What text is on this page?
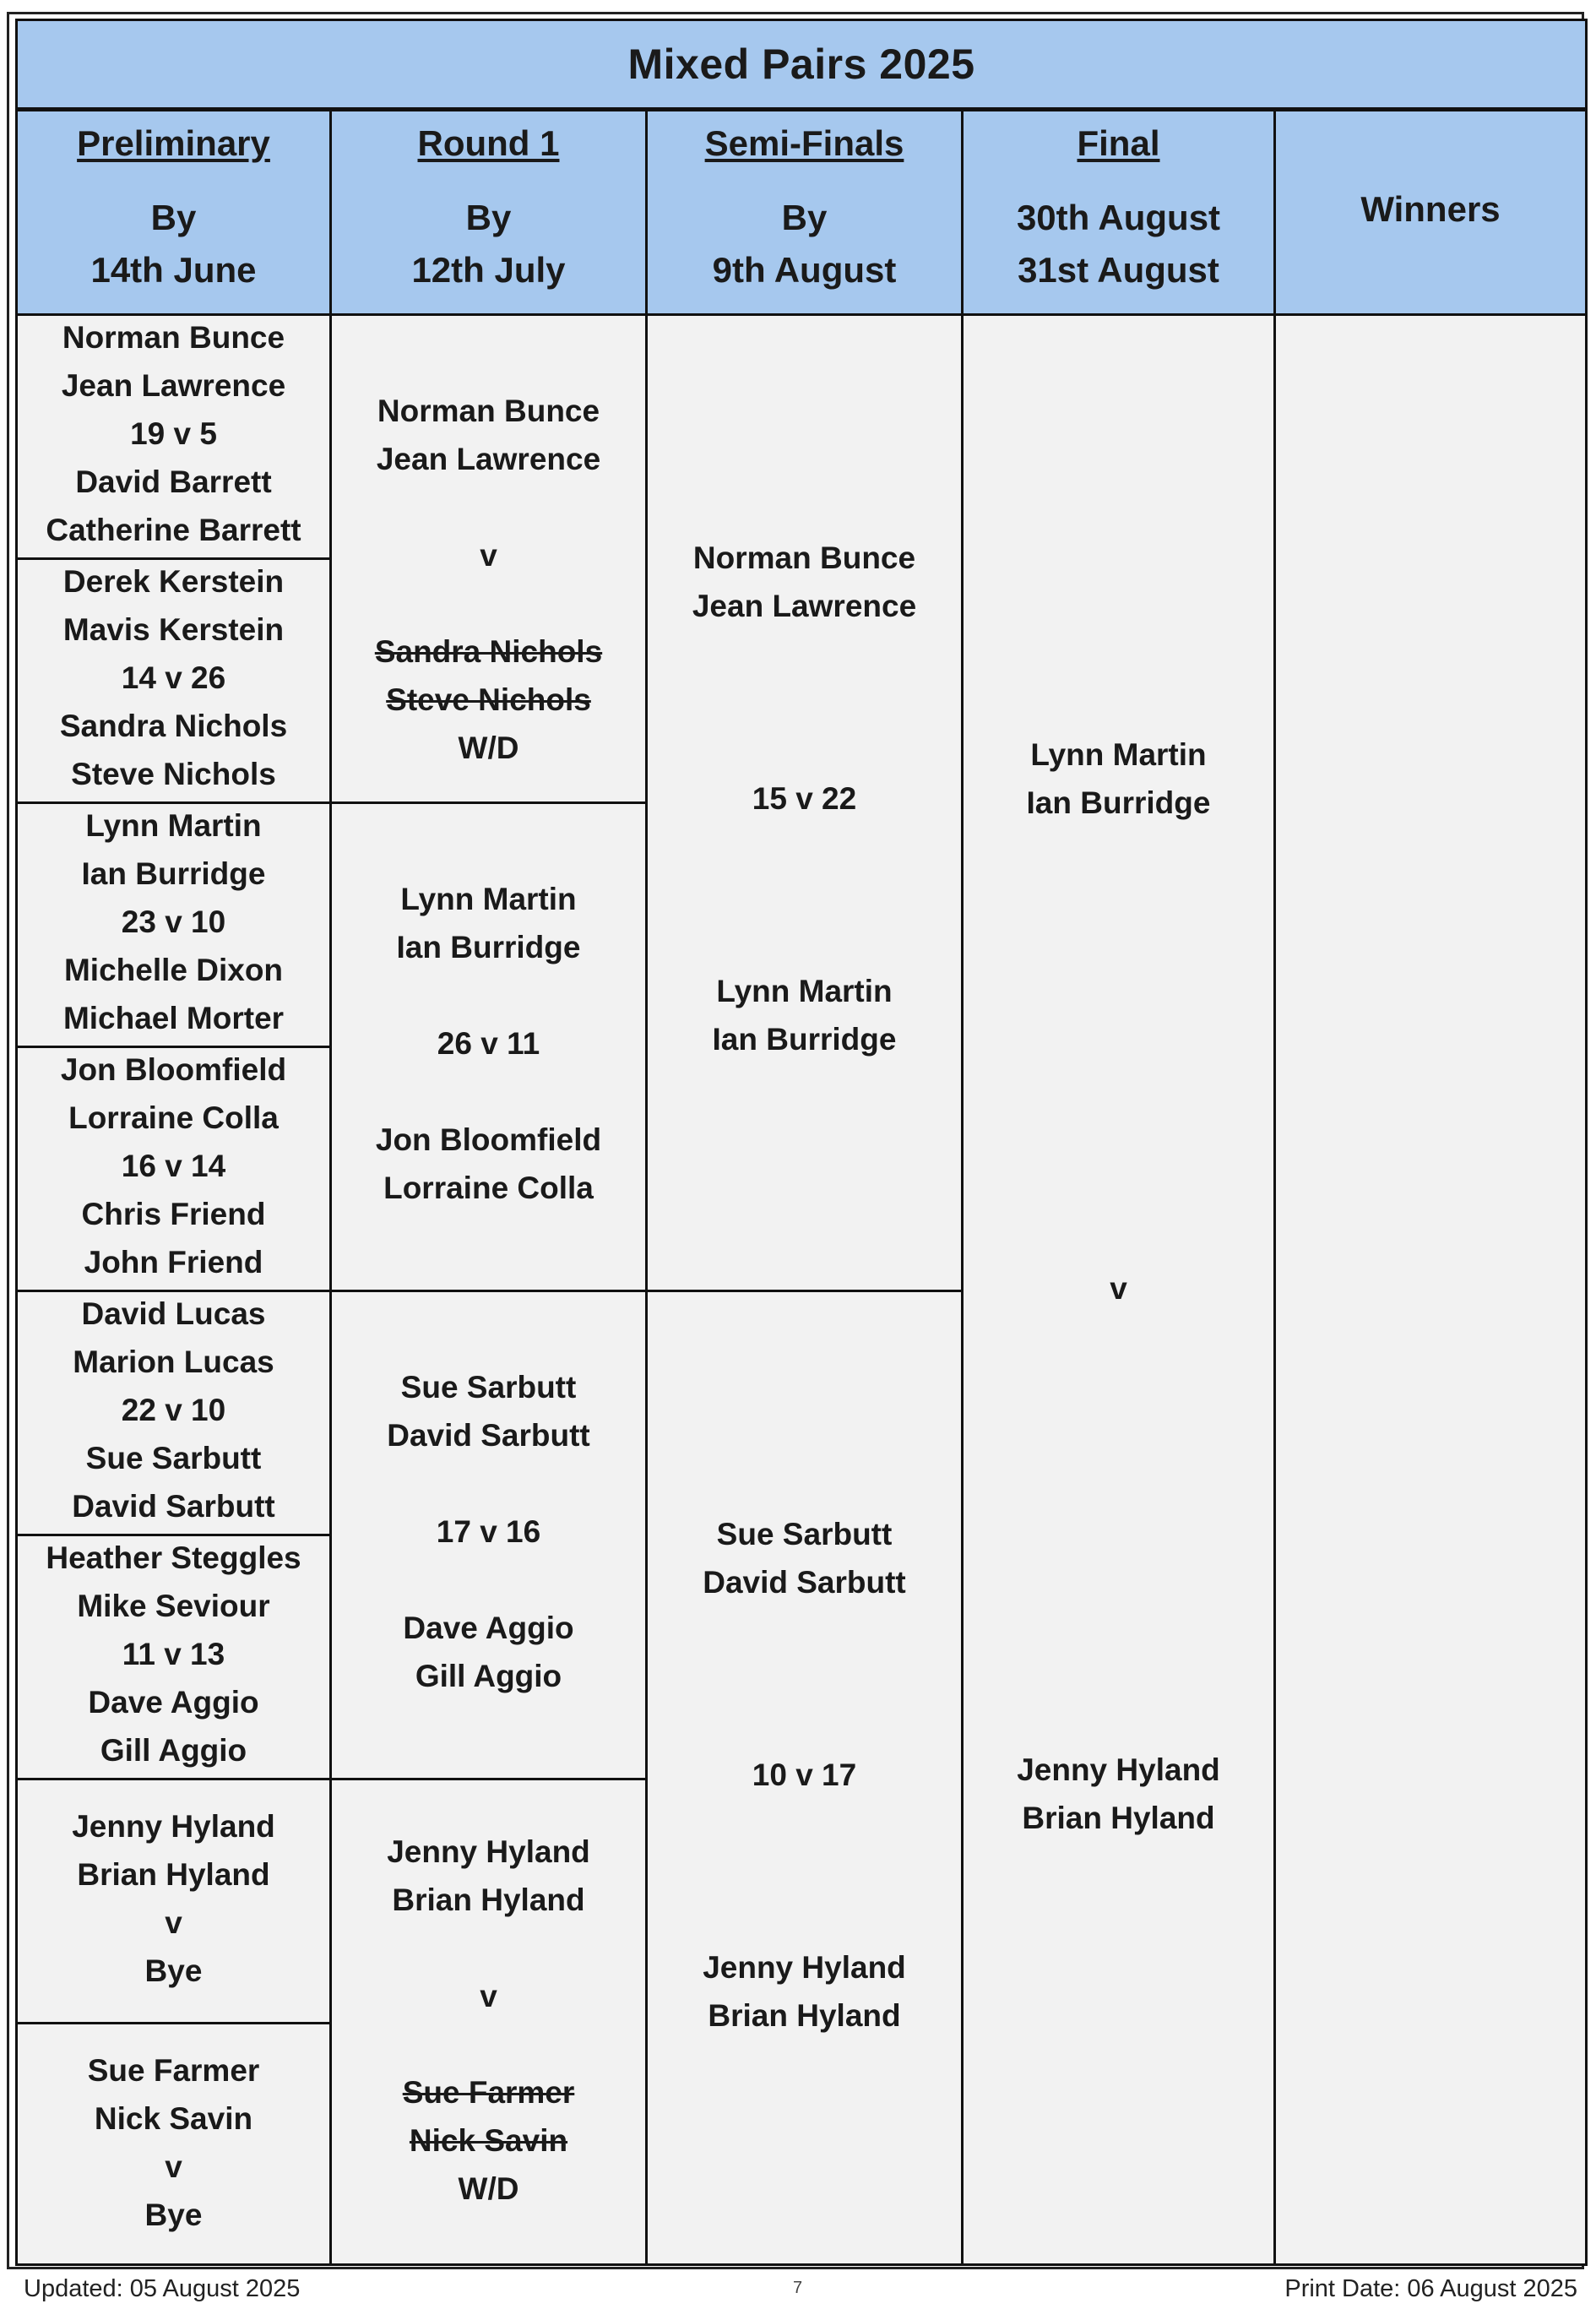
Mixed Pairs 2025
Preliminary
By
14th June
Norman Bunce
Jean Lawrence
19 v 5
David Barrett
Catherine Barrett
Derek Kerstein
Mavis Kerstein
14 v 26
Sandra Nichols
Steve Nichols
Lynn Martin
Ian Burridge
23 v 10
Michelle Dixon
Michael Morter
Jon Bloomfield
Lorraine Colla
16 v 14
Chris Friend
John Friend
David Lucas
Marion Lucas
22 v 10
Sue Sarbutt
David Sarbutt
Heather Steggles
Mike Seviour
11 v 13
Dave Aggio
Gill Aggio
Jenny Hyland
Brian Hyland
v
Bye
Sue Farmer
Nick Savin
v
Bye
Round 1
By
12th July
Norman Bunce
Jean Lawrence
v
Sandra Nichols
Steve Nichols
W/D
Lynn Martin
Ian Burridge
26 v 11
Jon Bloomfield
Lorraine Colla
Sue Sarbutt
David Sarbutt
17 v 16
Dave Aggio
Gill Aggio
Jenny Hyland
Brian Hyland
v
Sue Farmer
Nick Savin
W/D
Semi-Finals
By
9th August
Norman Bunce
Jean Lawrence
15 v 22
Lynn Martin
Ian Burridge
Sue Sarbutt
David Sarbutt
10 v 17
Jenny Hyland
Brian Hyland
Final
30th August
31st August
Lynn Martin
Ian Burridge
v
Jenny Hyland
Brian Hyland
Winners
Updated: 05 August 2025	7	Print Date: 06 August 2025
